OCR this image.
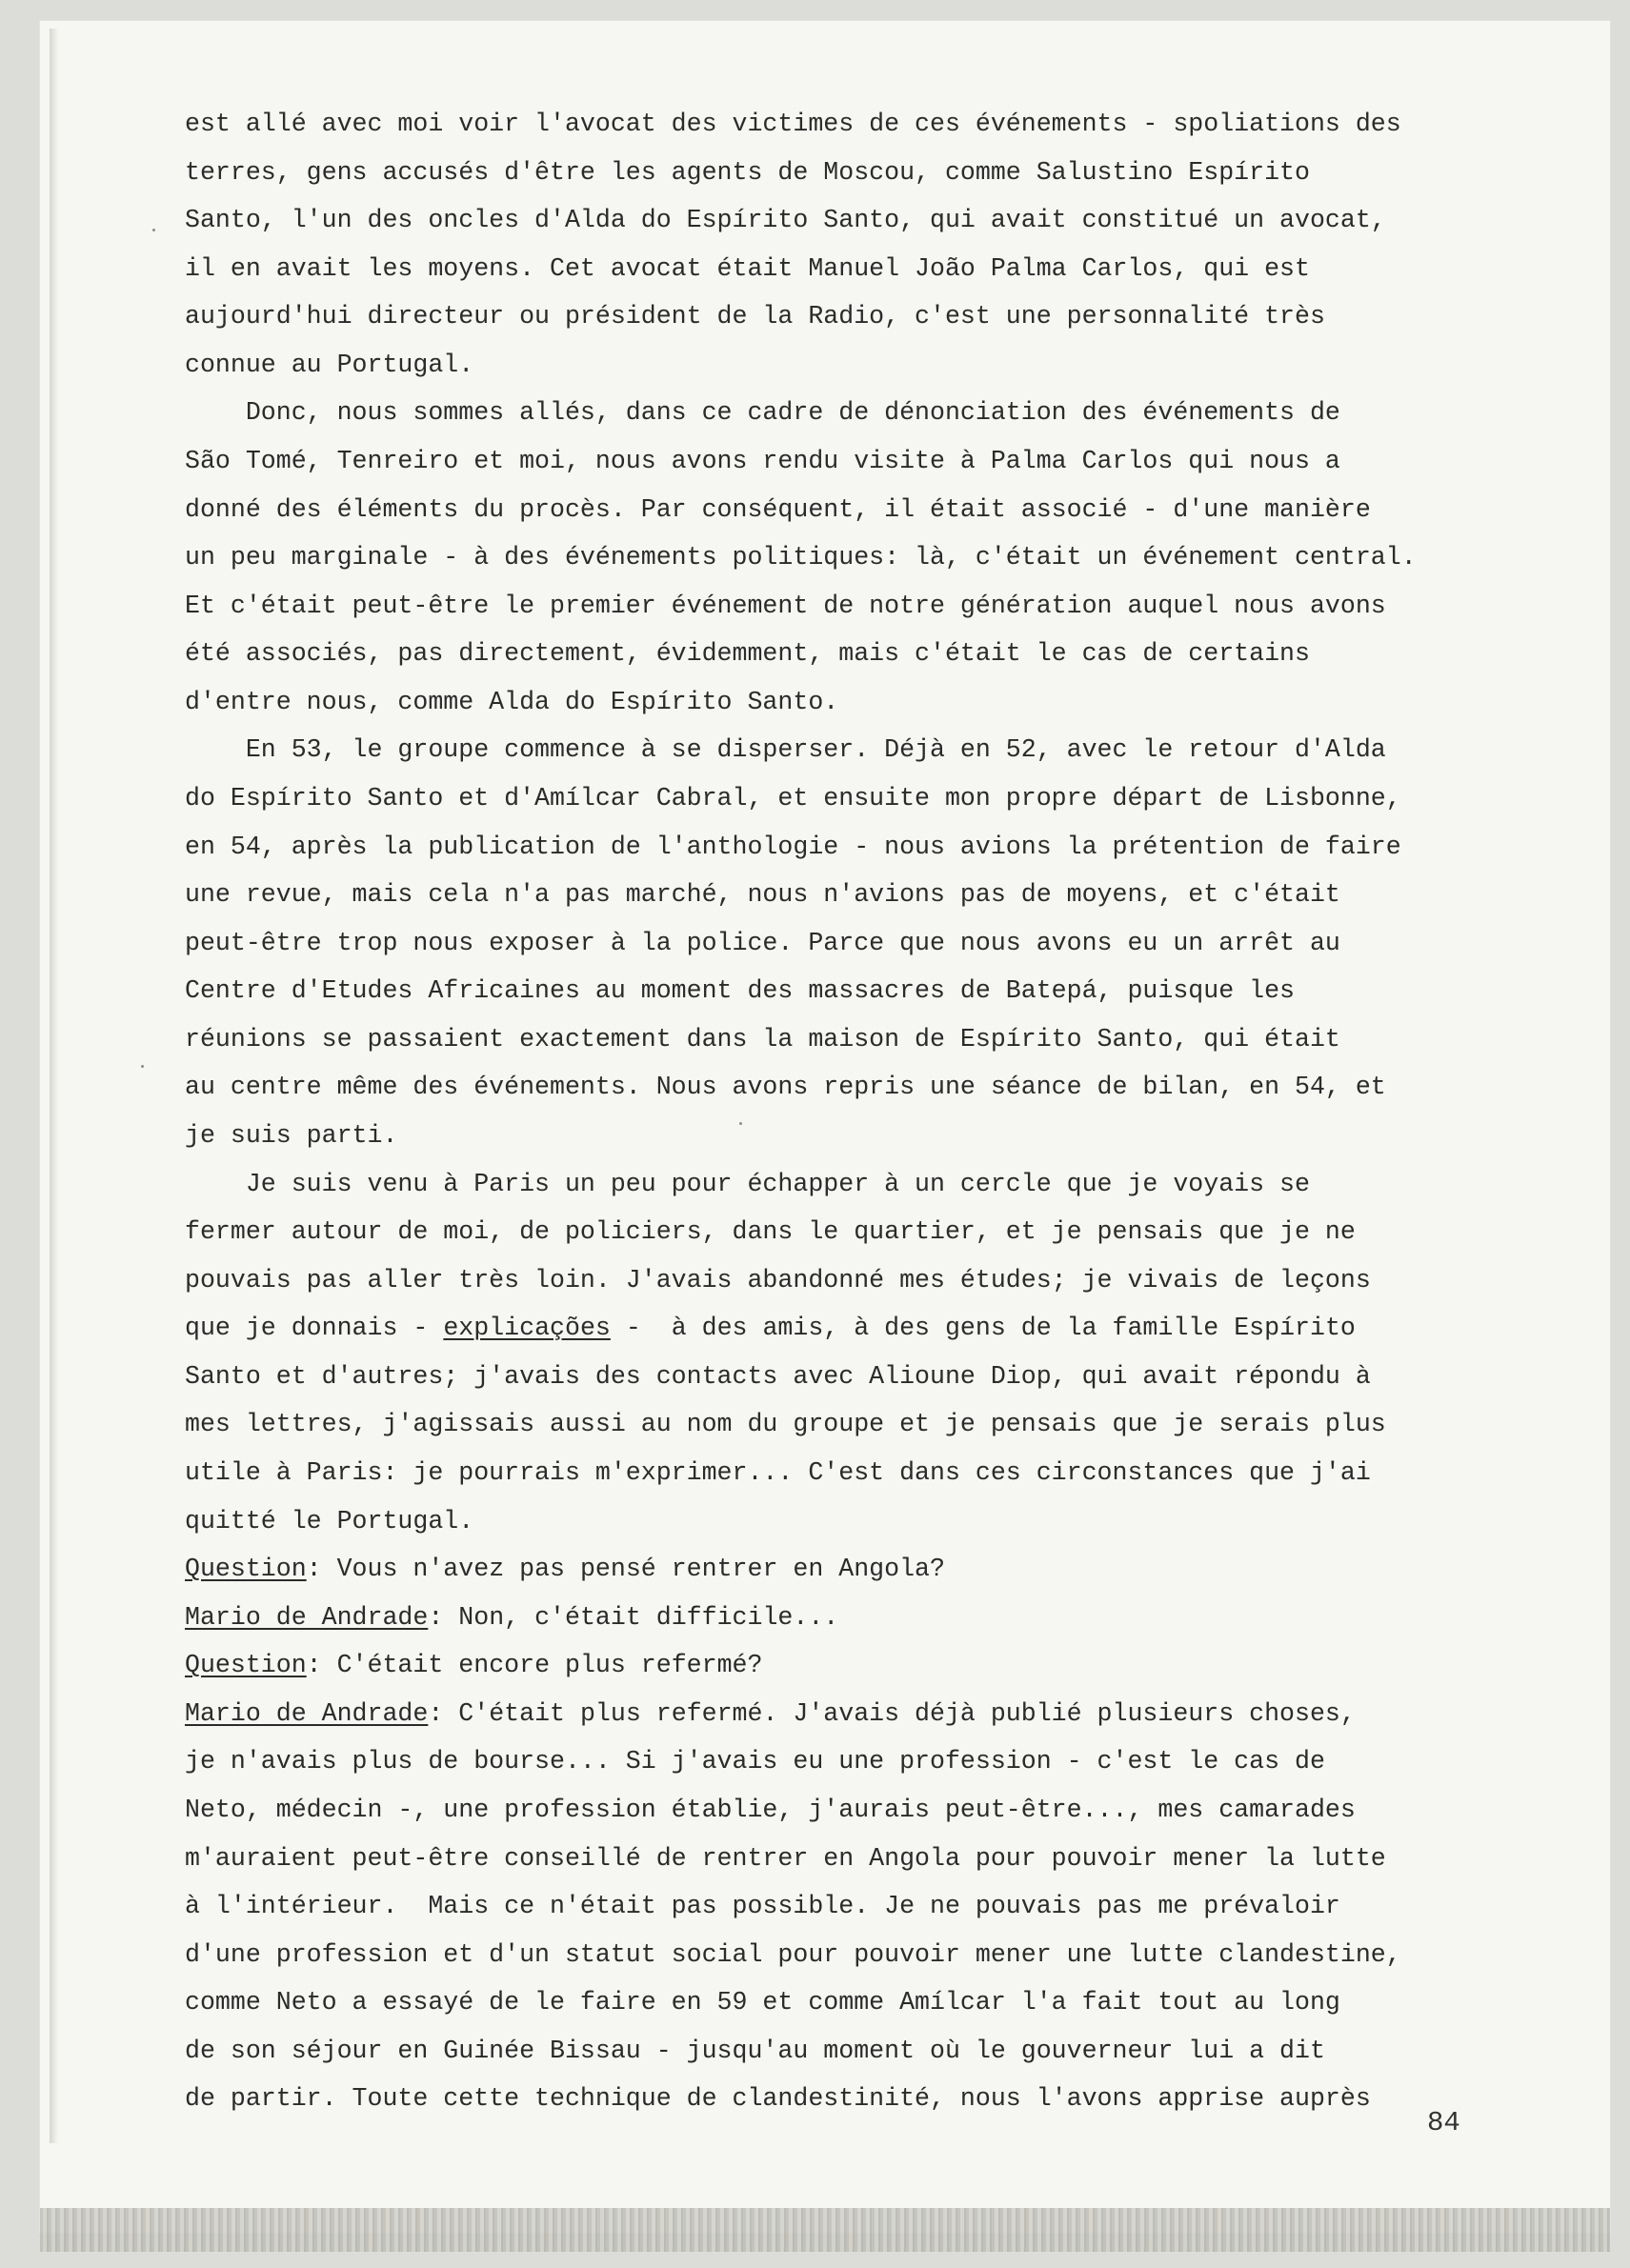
est allé avec moi voir l'avocat des victimes de ces événements - spoliations des
terres, gens accusés d'être les agents de Moscou, comme Salustino Espírito
Santo, l'un des oncles d'Alda do Espírito Santo, qui avait constitué un avocat,
il en avait les moyens. Cet avocat était Manuel João Palma Carlos, qui est
aujourd'hui directeur ou président de la Radio, c'est une personnalité très
connue au Portugal.
Donc, nous sommes allés, dans ce cadre de dénonciation des événements de
São Tomé, Tenreiro et moi, nous avons rendu visite à Palma Carlos qui nous a
donné des éléments du procès. Par conséquent, il était associé - d'une manière
un peu marginale - à des événements politiques: là, c'était un événement central.
Et c'était peut-être le premier événement de notre génération auquel nous avons
été associés, pas directement, évidemment, mais c'était le cas de certains
d'entre nous, comme Alda do Espírito Santo.
En 53, le groupe commence à se disperser. Déjà en 52, avec le retour d'Alda
do Espírito Santo et d'Amílcar Cabral, et ensuite mon propre départ de Lisbonne,
en 54, après la publication de l'anthologie - nous avions la prétention de faire
une revue, mais cela n'a pas marché, nous n'avions pas de moyens, et c'était
peut-être trop nous exposer à la police. Parce que nous avons eu un arrêt au
Centre d'Etudes Africaines au moment des massacres de Batepá, puisque les
réunions se passaient exactement dans la maison de Espírito Santo, qui était
au centre même des événements. Nous avons repris une séance de bilan, en 54, et
je suis parti.
Je suis venu à Paris un peu pour échapper à un cercle que je voyais se
fermer autour de moi, de policiers, dans le quartier, et je pensais que je ne
pouvais pas aller très loin. J'avais abandonné mes études; je vivais de leçons
que je donnais - explicações -  à des amis, à des gens de la famille Espírito
Santo et d'autres; j'avais des contacts avec Alioune Diop, qui avait répondu à
mes lettres, j'agissais aussi au nom du groupe et je pensais que je serais plus
utile à Paris: je pourrais m'exprimer... C'est dans ces circonstances que j'ai
quitté le Portugal.
Question: Vous n'avez pas pensé rentrer en Angola?
Mario de Andrade: Non, c'était difficile...
Question: C'était encore plus refermé?
Mario de Andrade: C'était plus refermé. J'avais déjà publié plusieurs choses,
je n'avais plus de bourse... Si j'avais eu une profession - c'est le cas de
Neto, médecin -, une profession établie, j'aurais peut-être..., mes camarades
m'auraient peut-être conseillé de rentrer en Angola pour pouvoir mener la lutte
à l'intérieur.  Mais ce n'était pas possible. Je ne pouvais pas me prévaloir
d'une profession et d'un statut social pour pouvoir mener une lutte clandestine,
comme Neto a essayé de le faire en 59 et comme Amílcar l'a fait tout au long
de son séjour en Guinée Bissau - jusqu'au moment où le gouverneur lui a dit
de partir. Toute cette technique de clandestinité, nous l'avons apprise auprès
84
